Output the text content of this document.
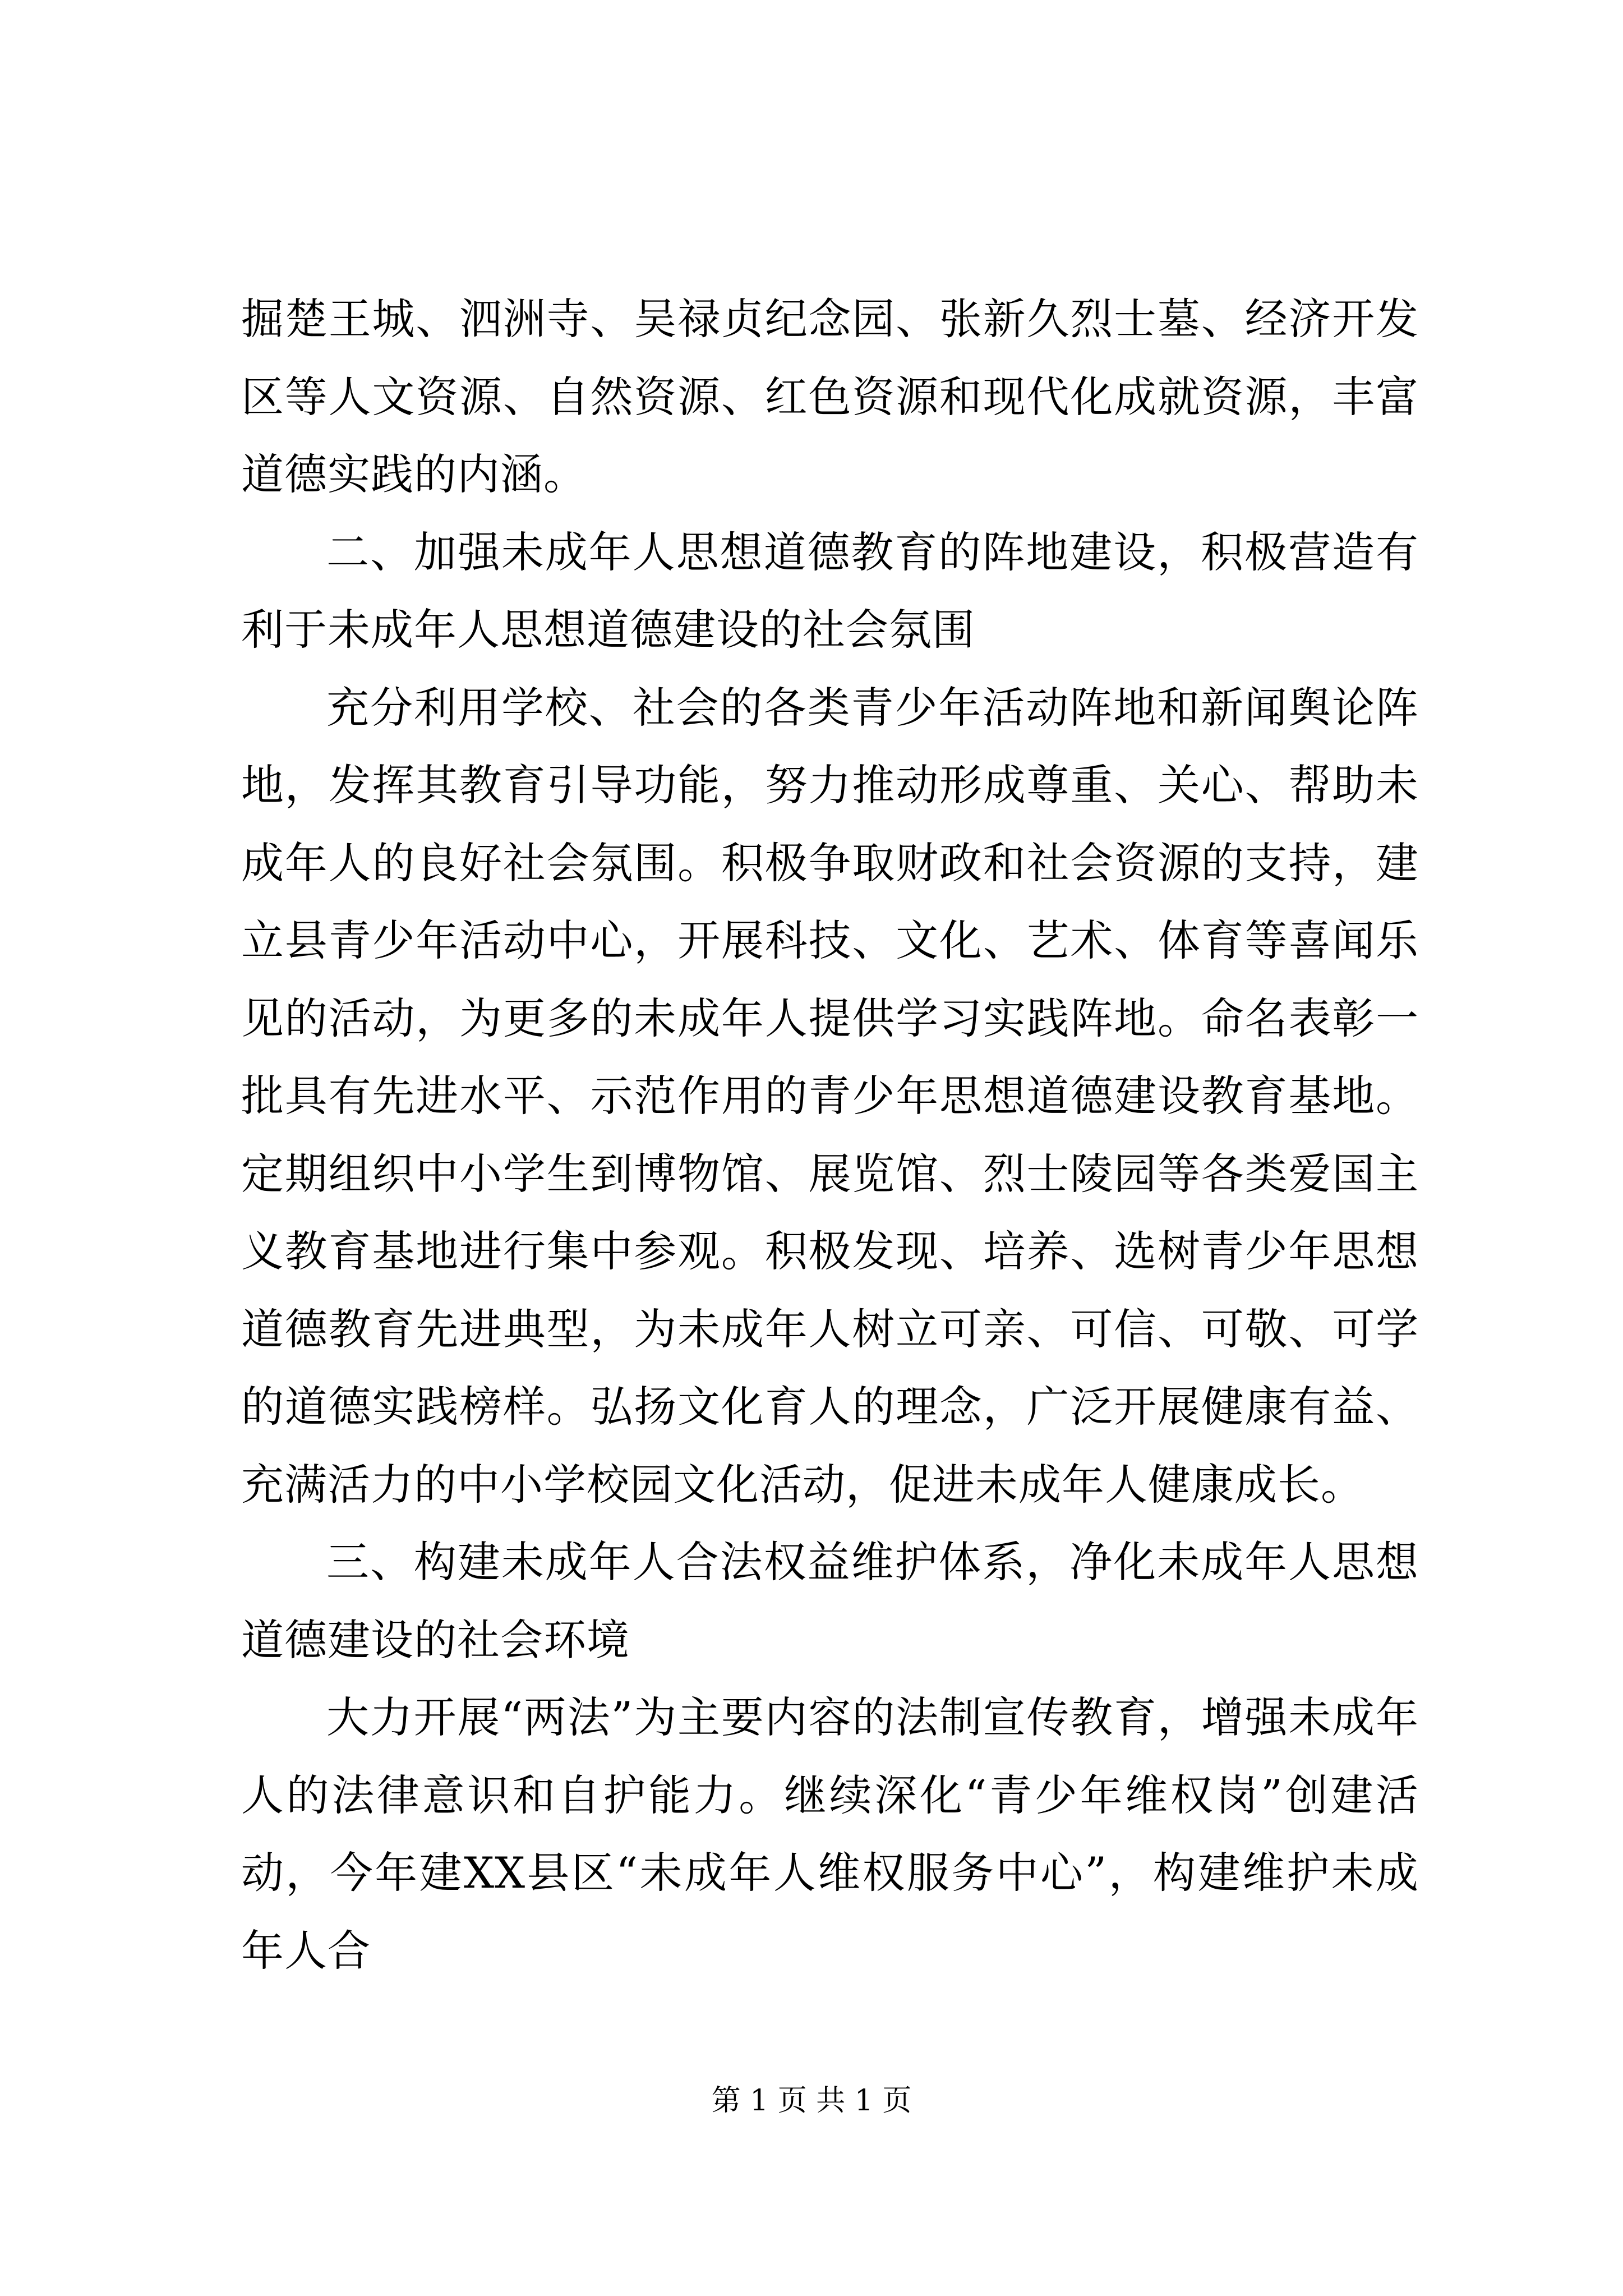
掘楚王城、泗洲寺、吴禄贞纪念园、张新久烈士墓、经济开发区等人文资源、自然资源、红色资源和现代化成就资源，丰富道德实践的内涵。

二、加强未成年人思想道德教育的阵地建设，积极营造有利于未成年人思想道德建设的社会氛围

充分利用学校、社会的各类青少年活动阵地和新闻舆论阵地，发挥其教育引导功能，努力推动形成尊重、关心、帮助未成年人的良好社会氛围。积极争取财政和社会资源的支持，建立县青少年活动中心，开展科技、文化、艺术、体育等喜闻乐见的活动，为更多的未成年人提供学习实践阵地。命名表彰一批具有先进水平、示范作用的青少年思想道德建设教育基地。定期组织中小学生到博物馆、展览馆、烈士陵园等各类爱国主义教育基地进行集中参观。积极发现、培养、选树青少年思想道德教育先进典型，为未成年人树立可亲、可信、可敬、可学的道德实践榜样。弘扬文化育人的理念，广泛开展健康有益、充满活力的中小学校园文化活动，促进未成年人健康成长。

三、构建未成年人合法权益维护体系，净化未成年人思想道德建设的社会环境

大力开展“两法”为主要内容的法制宣传教育，增强未成年人的法律意识和自护能力。继续深化“青少年维权岗”创建活动，今年建XX县区“未成年人维权服务中心”，构建维护未成年人合

第 1 页 共 1 页
